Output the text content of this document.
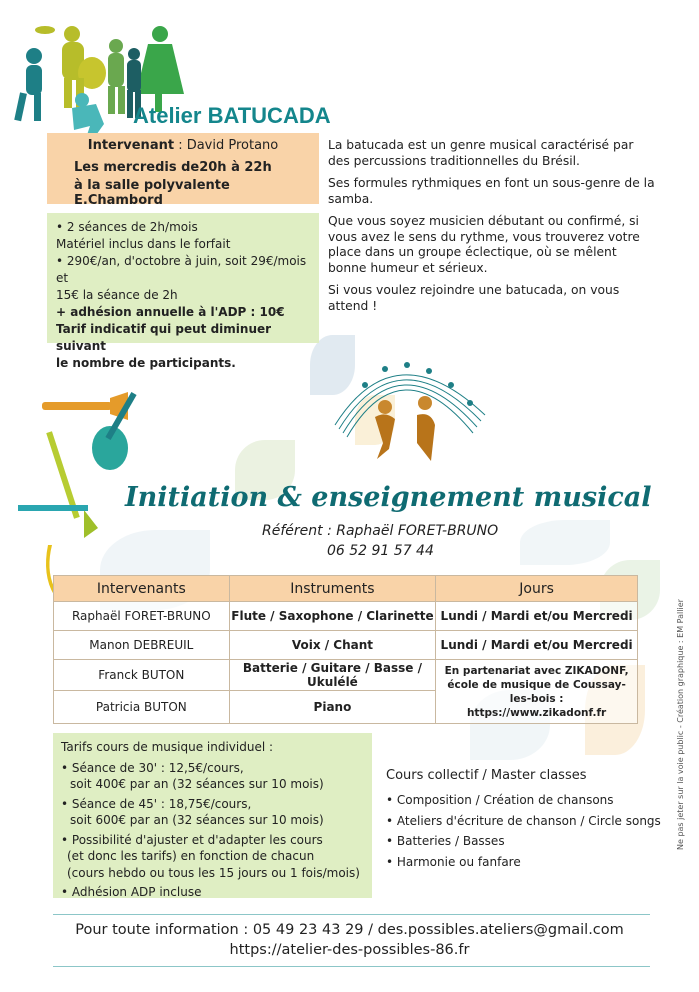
Atelier BATUCADA
Intervenant : David Protano
Les mercredis de20h à 22h
à la salle polyvalente E.Chambord
• 2 séances de 2h/mois
Matériel inclus dans le forfait
• 290€/an, d'octobre à juin, soit 29€/mois et
15€ la séance de 2h
+ adhésion annuelle à l'ADP : 10€
Tarif indicatif qui peut diminuer suivant
le nombre de participants.

La batucada est un genre musical caractérisé par des percussions traditionnelles du Brésil.

Ses formules rythmiques en font un sous-genre de la samba.

Que vous soyez musicien débutant ou confirmé, si vous avez le sens du rythme, vous trouverez votre place dans un groupe éclectique, où se mêlent bonne humeur et sérieux.

Si vous voulez rejoindre une batucada, on vous attend !

Initiation & enseignement musical
Référent : Raphaël FORET-BRUNO
06 52 91 57 44
Intervenants	Instruments	Jours
Raphaël FORET-BRUNO	Flute / Saxophone / Clarinette	Lundi / Mardi et/ou Mercredi
Manon DEBREUIL	Voix / Chant	Lundi / Mardi et/ou Mercredi
Franck BUTON	Batterie / Guitare / Basse / Ukulélé	En partenariat avec ZIKADONF,
école de musique de Coussay-les-bois :
https://www.zikadonf.fr

Patricia BUTON	Piano	
Tarifs cours de musique individuel :
• Séance de 30' : 12,5€/cours,
soit 400€ par an (32 séances sur 10 mois)
• Séance de 45' : 18,75€/cours,
soit 600€ par an (32 séances sur 10 mois)
• Possibilité d'ajuster et d'adapter les cours
(et donc les tarifs) en fonction de chacun
(cours hebdo ou tous les 15 jours ou 1 fois/mois)
• Adhésion ADP incluse
Cours collectif / Master classes
• Composition / Création de chansons
• Ateliers d'écriture de chanson / Circle songs
• Batteries / Basses
• Harmonie ou fanfare
Ne pas jeter sur la voie public - Création graphique : EM Pallier
Pour toute information : 05 49 23 43 29 / des.possibles.ateliers@gmail.com
https://atelier-des-possibles-86.fr
